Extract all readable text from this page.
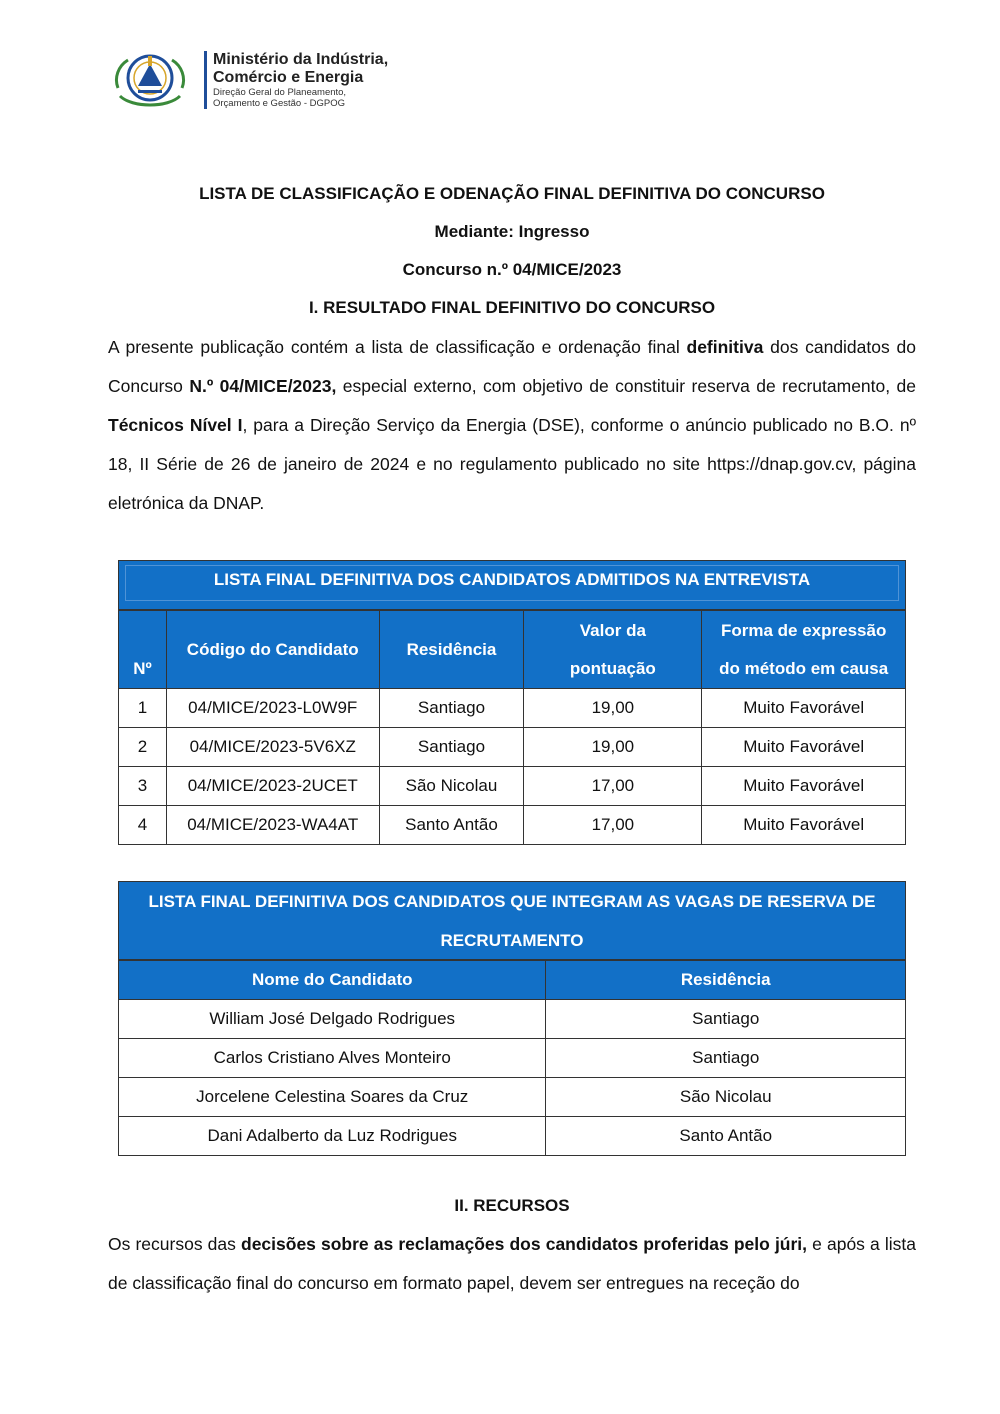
Ministério da Indústria,
Comércio e Energia
Direção Geral do Planeamento,
Orçamento e Gestão - DGPOG
LISTA DE CLASSIFICAÇÃO E ODENAÇÃO FINAL DEFINITIVA DO CONCURSO
Mediante: Ingresso
Concurso n.º 04/MICE/2023
I. RESULTADO FINAL DEFINITIVO DO CONCURSO
A presente publicação contém a lista de classificação e ordenação final definitiva dos candidatos do Concurso N.º 04/MICE/2023, especial externo, com objetivo de constituir reserva de recrutamento, de Técnicos Nível I, para a Direção Serviço da Energia (DSE), conforme o anúncio publicado no B.O. nº 18, II Série de 26 de janeiro de 2024 e no regulamento publicado no site https://dnap.gov.cv, página eletrónica da DNAP.
LISTA FINAL DEFINITIVA DOS CANDIDATOS ADMITIDOS NA ENTREVISTA
Nº	Código do Candidato	Residência	Valor da pontuação	Forma de expressão do método em causa
1	04/MICE/2023-L0W9F	Santiago	19,00	Muito Favorável
2	04/MICE/2023-5V6XZ	Santiago	19,00	Muito Favorável
3	04/MICE/2023-2UCET	São Nicolau	17,00	Muito Favorável
4	04/MICE/2023-WA4AT	Santo Antão	17,00	Muito Favorável
LISTA FINAL DEFINITIVA DOS CANDIDATOS QUE INTEGRAM AS VAGAS DE RESERVA DE RECRUTAMENTO
Nome do Candidato	Residência
William José Delgado Rodrigues	Santiago
Carlos Cristiano Alves Monteiro	Santiago
Jorcelene Celestina Soares da Cruz	São Nicolau
Dani Adalberto da Luz Rodrigues	Santo Antão
II. RECURSOS
Os recursos das decisões sobre as reclamações dos candidatos proferidas pelo júri, e após a lista de classificação final do concurso em formato papel, devem ser entregues na receção do
